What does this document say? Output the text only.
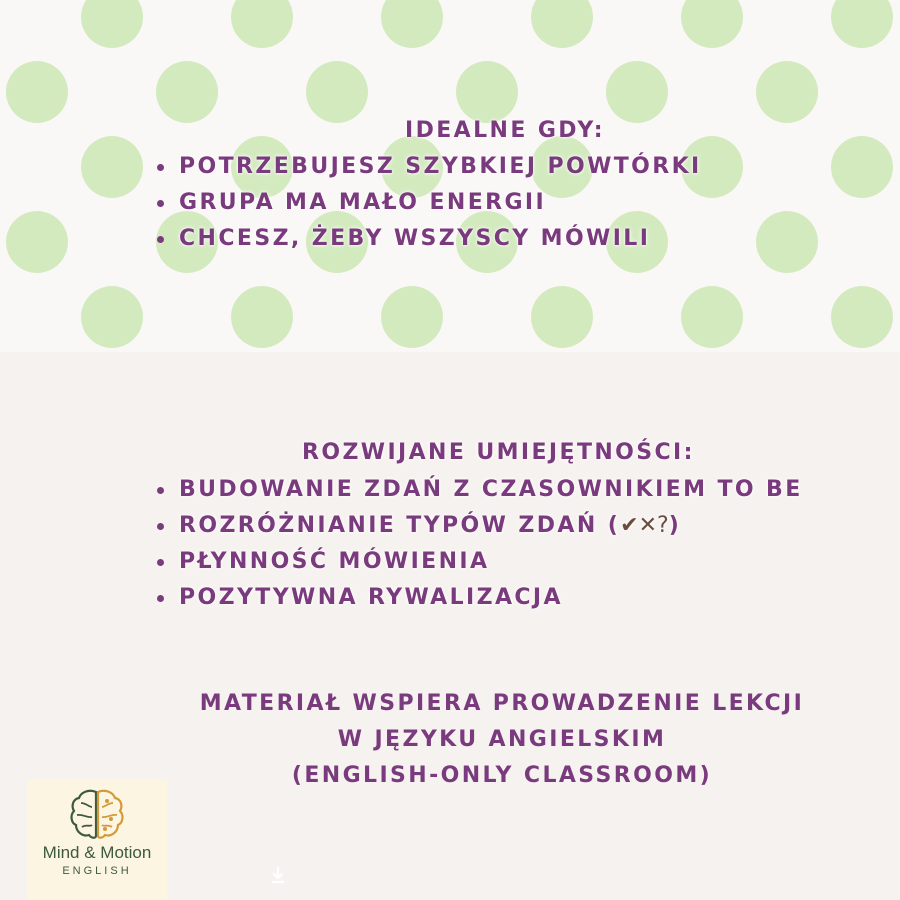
IDEALNE GDY:
POTRZEBUJESZ SZYBKIEJ POWTÓRKI
GRUPA MA MAŁO ENERGII
CHCESZ, ŻEBY WSZYSCY MÓWILI
ROZWIJANE UMIEJĘTNOŚCI:
BUDOWANIE ZDAŃ Z CZASOWNIKIEM TO BE
ROZRÓŻNIANIE TYPÓW ZDAŃ (✔✕?)
PŁYNNOŚĆ MÓWIENIA
POZYTYWNA RYWALIZACJA
MATERIAŁ WSPIERA PROWADZENIE LEKCJI
W JĘZYKU ANGIELSKIM
(ENGLISH-ONLY CLASSROOM)
Mind & Motion
ENGLISH
